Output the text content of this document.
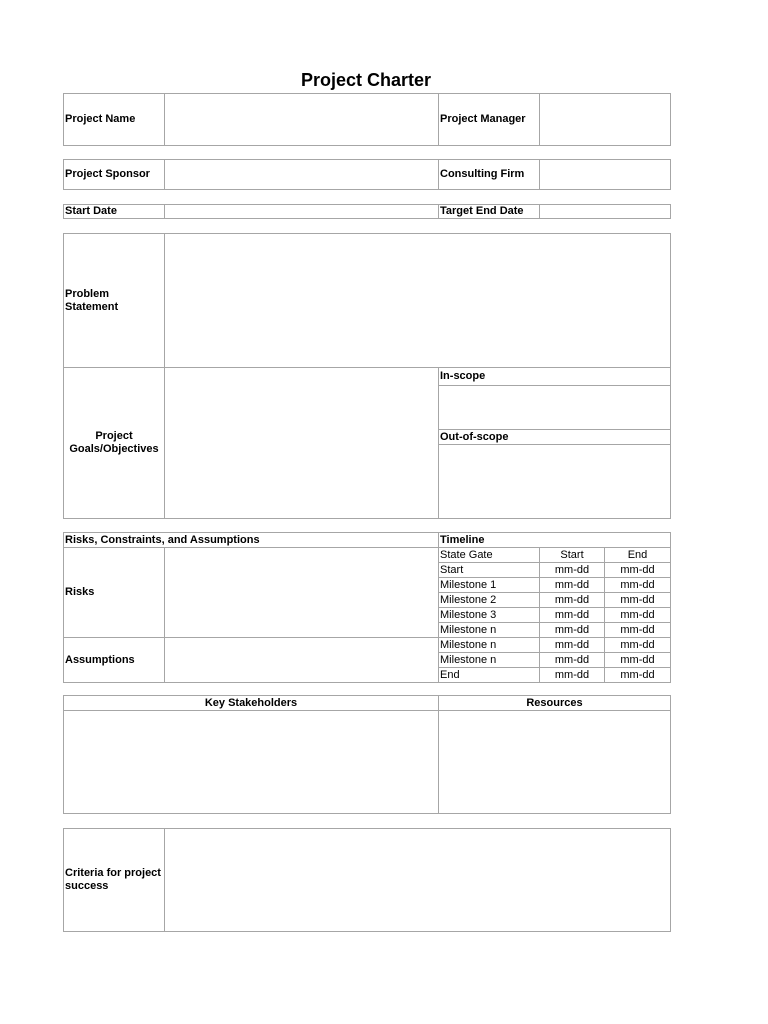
Project Charter
Project Name		Project Manager	
Project Sponsor		Consulting Firm	
Start Date		Target End Date	
Problem Statement		
Project Goals/Objectives		In-scope

		Out-of-scope

Risks, Constraints, and Assumptions		Timeline		
Risks		State Gate	Start	End
		Start	mm-dd	mm-dd
		Milestone 1	mm-dd	mm-dd
		Milestone 2	mm-dd	mm-dd
		Milestone 3	mm-dd	mm-dd
		Milestone n	mm-dd	mm-dd
Assumptions		Milestone n	mm-dd	mm-dd
		Milestone n	mm-dd	mm-dd
		End	mm-dd	mm-dd
Key Stakeholders	Resources

Criteria for project success	
